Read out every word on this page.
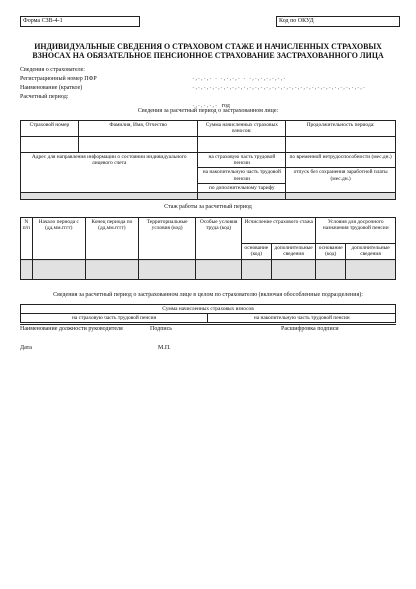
Форма СЗВ-4-1	Код по ОКУД
ИНДИВИДУАЛЬНЫЕ СВЕДЕНИЯ О СТРАХОВОМ СТАЖЕ И НАЧИСЛЕННЫХ СТРАХОВЫХ
ВЗНОСАХ НА ОБЯЗАТЕЛЬНОЕ ПЕНСИОННОЕ СТРАХОВАНИЕ ЗАСТРАХОВАННОГО ЛИЦА
Сведения о страхователе:
Регистрационный номер ПФР	-,-,-,- - -,-,-,- - -,-,-,-,-,-,-
Наименование (краткое)	-,-,-,-,-,-,-,-,-,-,-,-,-,-,-,-,-,-,-,-,-,-,-,-,-,-,-,-,-,-,-
Расчетный период:
-,-,-,-,- год
Сведения за расчетный период о застрахованном лице:
Страховой номер	Фамилия, Имя, Отчество	Сумма начисленных страховых взносов:	Продолжительность периода:

Адрес для направления информации о состоянии индивидуального лицевого счета		на страховую часть трудовой пенсии	по временной нетрудоспособности (мес.дн.)
		на накопительную часть трудовой пенсии	отпуск без сохранения заработной платы (мес.дн.)
		по дополнительному тарифу	

Стаж работы за расчетный период
N п/п	Начало периода с (дд.мм.гггг)	Конец периода по (дд.мм.гггг)	Территориальные условия (код)	Особые условия труда (код)	Исчисление страхового стажа		Условия для досрочного назначения трудовой пенсии	
					основание (код)	дополнительные сведения	основание (код)	дополнительные сведения

Сведения за расчетный период о застрахованном лице в целом по страхователю (включая обособленные подразделения):
Сумма начисленных страховых взносов
на страховую часть трудовой пенсии	на накопительную часть трудовой пенсии
Наименование должности руководителя	Подпись	Расшифровка подписи
Дата	М.П.
